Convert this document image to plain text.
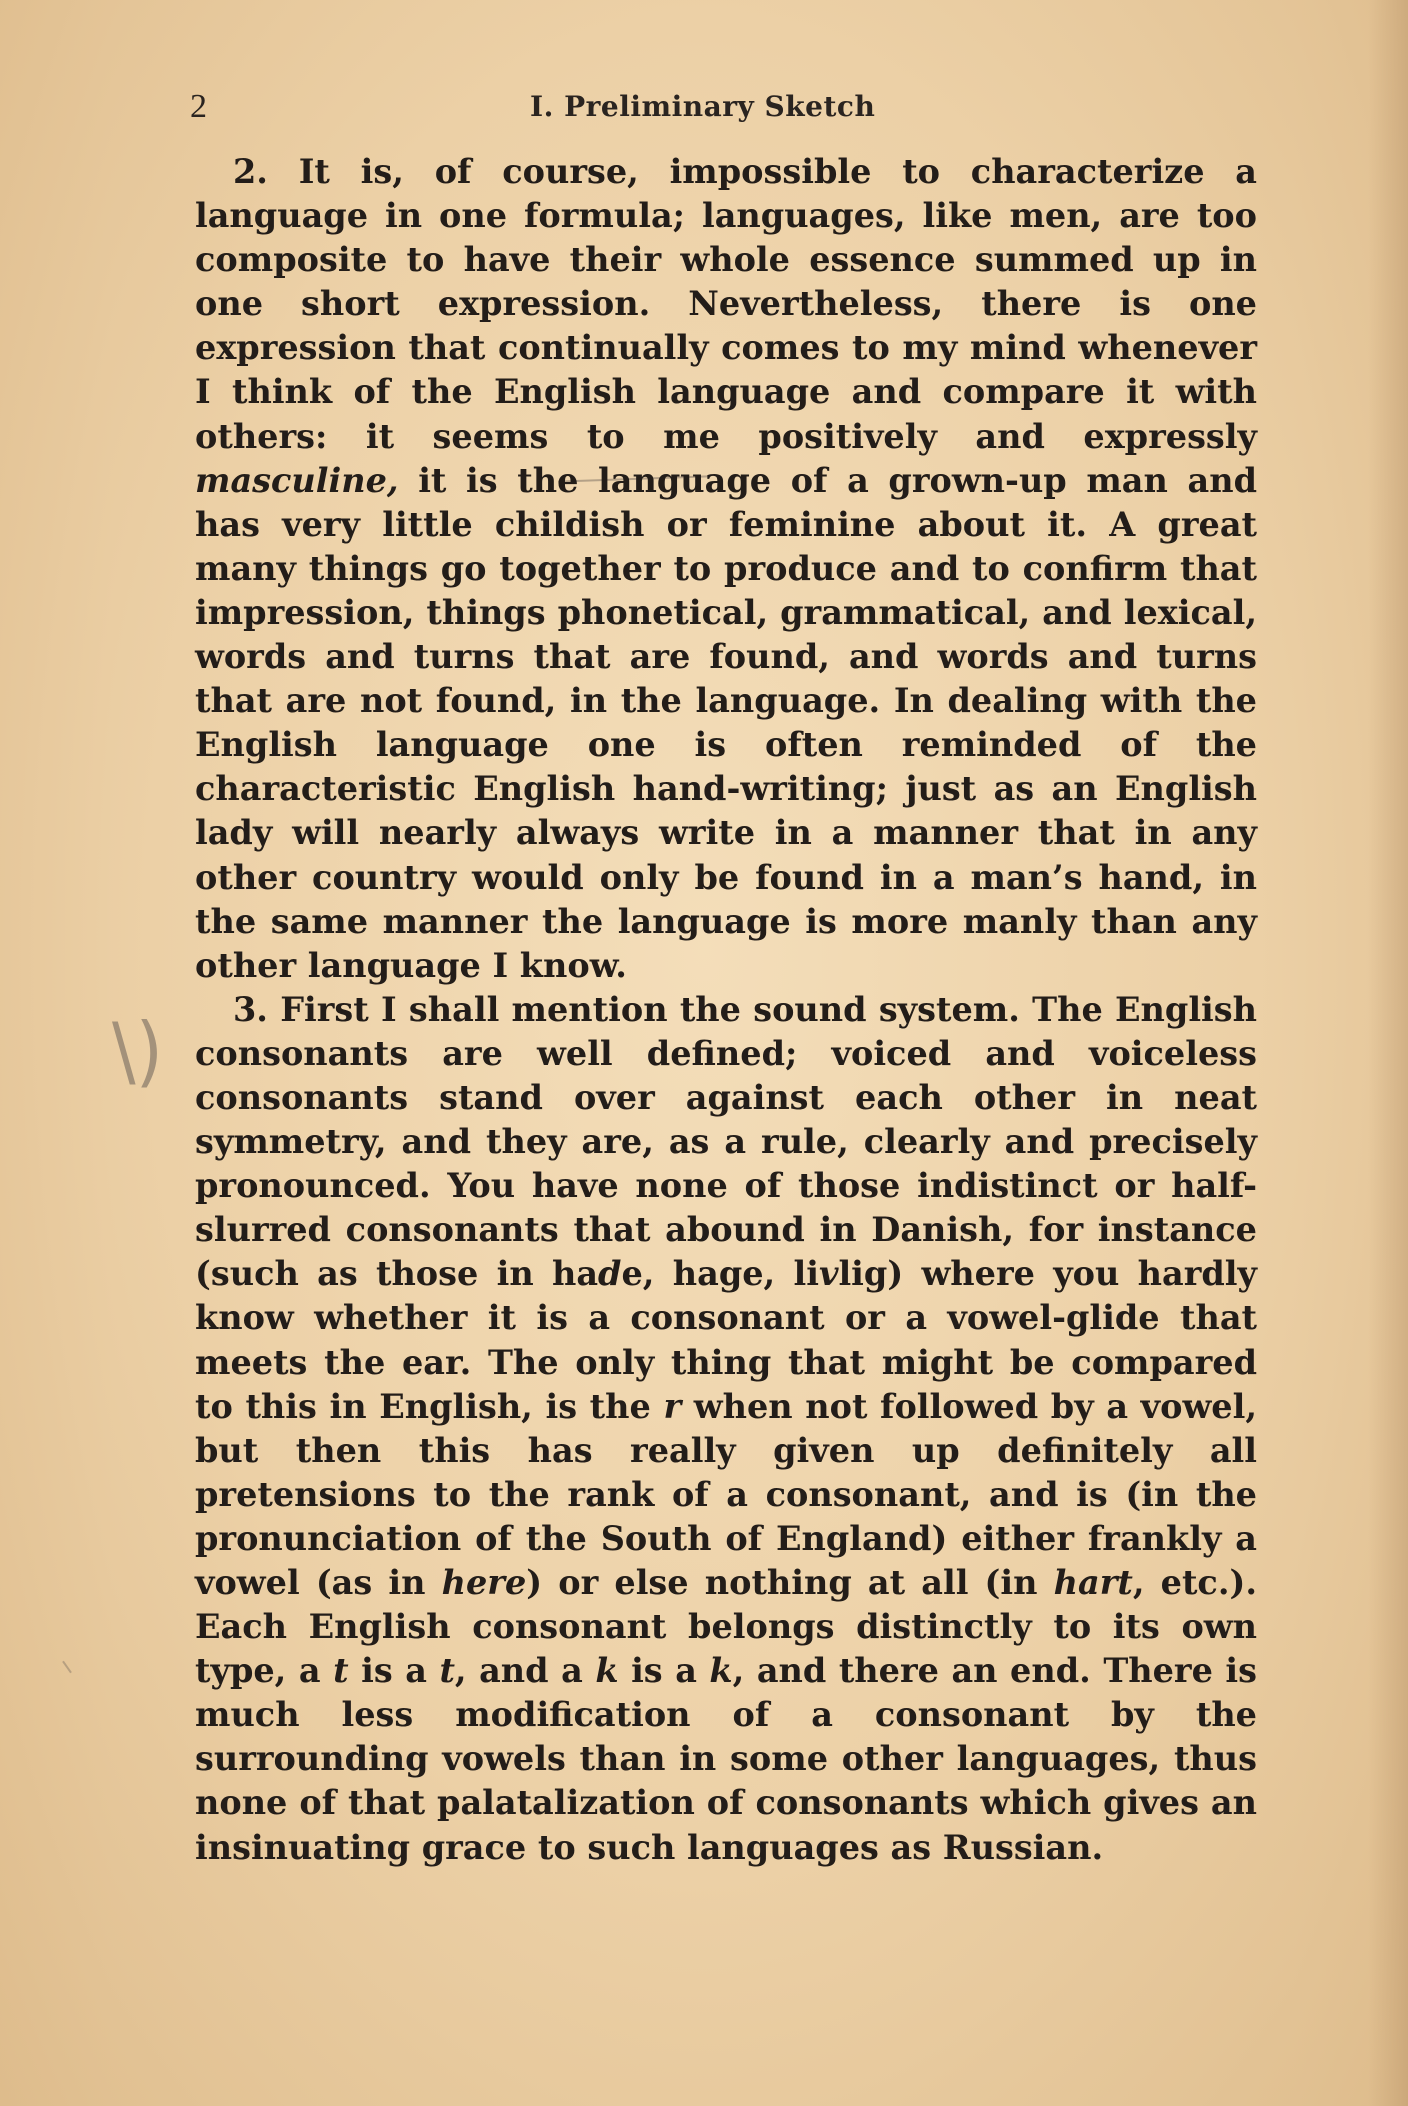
2	I. Preliminary Sketch

2. It is, of course, impossible to characterize a language in one formula; languages, like men, are too composite to have their whole essence summed up in one short expression. Nevertheless, there is one expression that continually comes to my mind whenever I think of the English language and compare it with others: it seems to me positively and expressly masculine, it is the language of a grown-up man and has very little childish or feminine about it. A great many things go together to produce and to confirm that impression, things phonetical, grammatical, and lexical, words and turns that are found, and words and turns that are not found, in the language. In dealing with the English language one is often reminded of the characteristic English hand-writing; just as an English lady will nearly always write in a manner that in any other country would only be found in a man’s hand, in the same manner the language is more manly than any other language I know.

3. First I shall mention the sound system. The English consonants are well defined; voiced and voiceless consonants stand over against each other in neat symmetry, and they are, as a rule, clearly and precisely pronounced. You have none of those indistinct or half-slurred consonants that abound in Danish, for instance (such as those in hade, hage, livlig) where you hardly know whether it is a consonant or a vowel-glide that meets the ear. The only thing that might be compared to this in English, is the r when not followed by a vowel, but then this has really given up definitely all pretensions to the rank of a consonant, and is (in the pronunciation of the South of England) either frankly a vowel (as in here) or else nothing at all (in hart, etc.). Each English consonant belongs distinctly to its own type, a t is a t, and a k is a k, and there an end. There is much less modification of a consonant by the surrounding vowels than in some other languages, thus none of that palatalization of consonants which gives an insinuating grace to such languages as Russian.

\)
